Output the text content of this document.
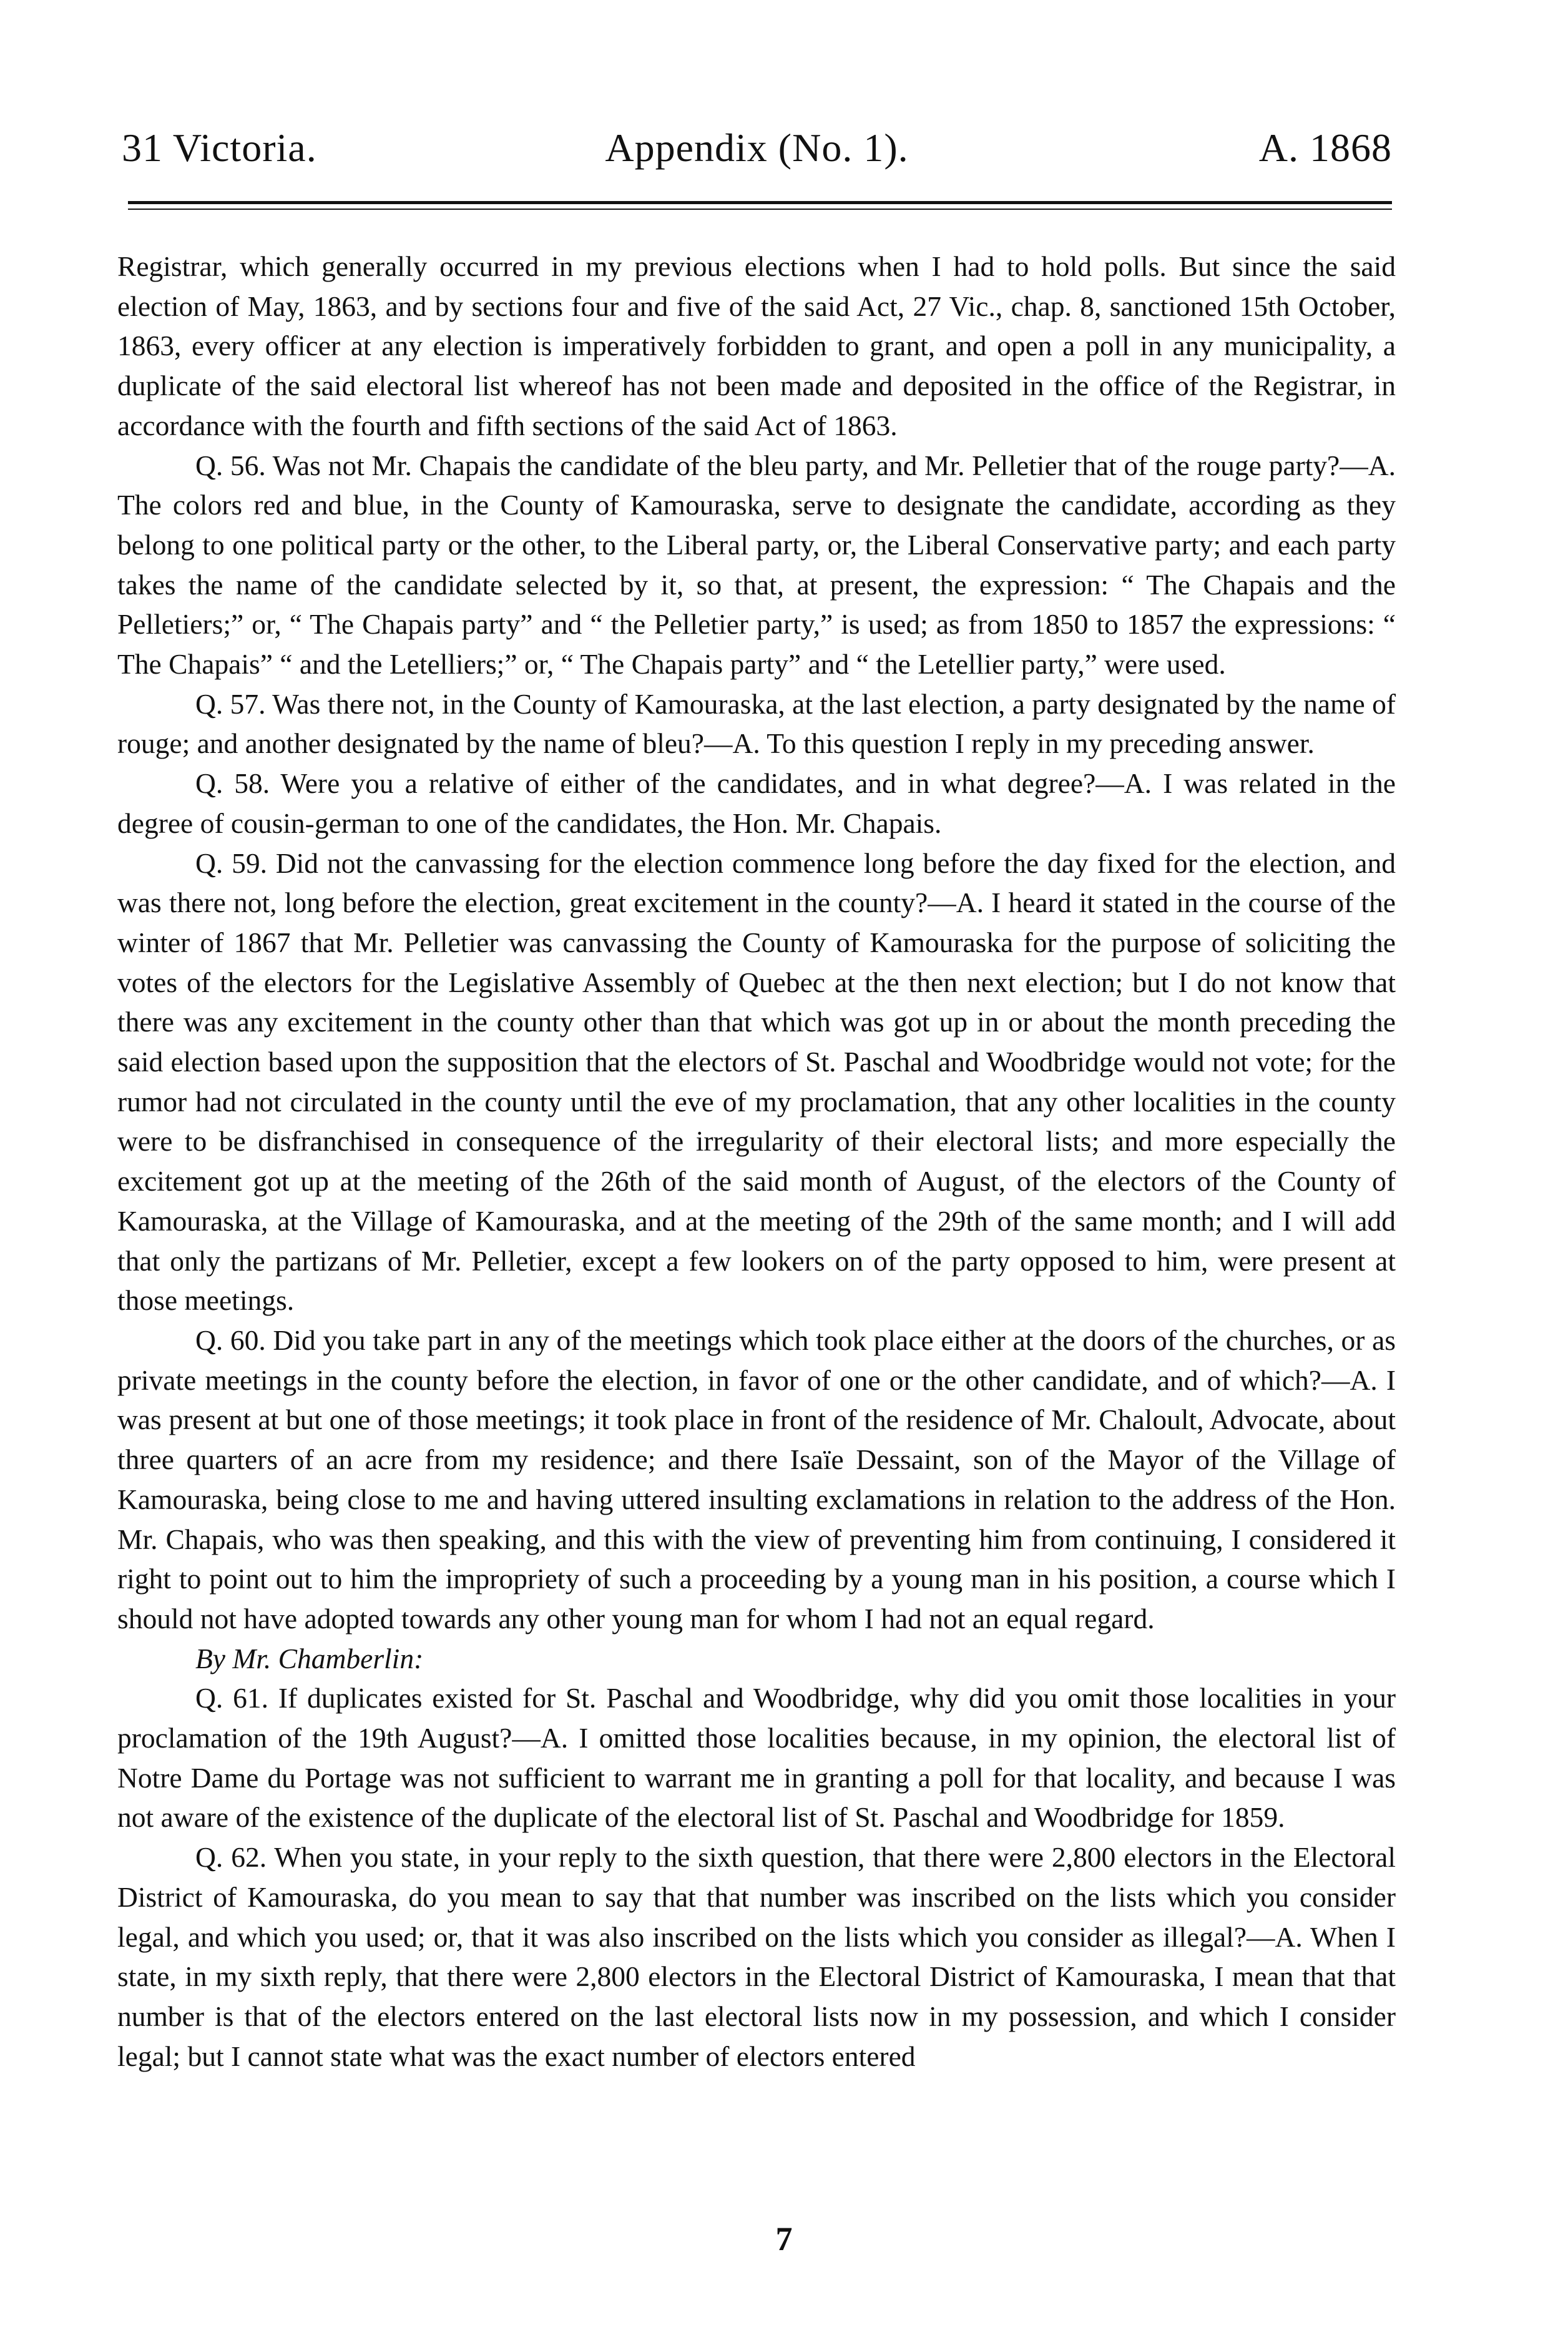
Appendix (No. 1).
31 Victoria.	A. 1868

Registrar, which generally occurred in my previous elections when I had to hold polls. But since the said election of May, 1863, and by sections four and five of the said Act, 27 Vic., chap. 8, sanctioned 15th October, 1863, every officer at any election is imperatively forbidden to grant, and open a poll in any municipality, a duplicate of the said electoral list whereof has not been made and deposited in the office of the Registrar, in accordance with the fourth and fifth sections of the said Act of 1863.

Q. 56. Was not Mr. Chapais the candidate of the bleu party, and Mr. Pelletier that of the rouge party?—A. The colors red and blue, in the County of Kamouraska, serve to designate the candidate, according as they belong to one political party or the other, to the Liberal party, or, the Liberal Conservative party; and each party takes the name of the candidate selected by it, so that, at present, the expression: “ The Chapais and the Pelletiers;” or, “ The Chapais party” and “ the Pelletier party,” is used; as from 1850 to 1857 the expressions: “ The Chapais” “ and the Letelliers;” or, “ The Chapais party” and “ the Letellier party,” were used.

Q. 57. Was there not, in the County of Kamouraska, at the last election, a party designated by the name of rouge; and another designated by the name of bleu?—A. To this question I reply in my preceding answer.

Q. 58. Were you a relative of either of the candidates, and in what degree?—A. I was related in the degree of cousin-german to one of the candidates, the Hon. Mr. Chapais.

Q. 59. Did not the canvassing for the election commence long before the day fixed for the election, and was there not, long before the election, great excitement in the county?—A. I heard it stated in the course of the winter of 1867 that Mr. Pelletier was canvassing the County of Kamouraska for the purpose of soliciting the votes of the electors for the Legislative Assembly of Quebec at the then next election; but I do not know that there was any excitement in the county other than that which was got up in or about the month preceding the said election based upon the supposition that the electors of St. Paschal and Woodbridge would not vote; for the rumor had not circulated in the county until the eve of my proclamation, that any other localities in the county were to be disfranchised in consequence of the irregularity of their electoral lists; and more especially the excitement got up at the meeting of the 26th of the said month of August, of the electors of the County of Kamouraska, at the Village of Kamouraska, and at the meeting of the 29th of the same month; and I will add that only the partizans of Mr. Pelletier, except a few lookers on of the party opposed to him, were present at those meetings.

Q. 60. Did you take part in any of the meetings which took place either at the doors of the churches, or as private meetings in the county before the election, in favor of one or the other candidate, and of which?—A. I was present at but one of those meetings; it took place in front of the residence of Mr. Chaloult, Advocate, about three quarters of an acre from my residence; and there Isaïe Dessaint, son of the Mayor of the Village of Kamouraska, being close to me and having uttered insulting exclamations in relation to the address of the Hon. Mr. Chapais, who was then speaking, and this with the view of preventing him from continuing, I considered it right to point out to him the impropriety of such a proceeding by a young man in his position, a course which I should not have adopted towards any other young man for whom I had not an equal regard.

By Mr. Chamberlin:

Q. 61. If duplicates existed for St. Paschal and Woodbridge, why did you omit those localities in your proclamation of the 19th August?—A. I omitted those localities because, in my opinion, the electoral list of Notre Dame du Portage was not sufficient to warrant me in granting a poll for that locality, and because I was not aware of the existence of the duplicate of the electoral list of St. Paschal and Woodbridge for 1859.

Q. 62. When you state, in your reply to the sixth question, that there were 2,800 electors in the Electoral District of Kamouraska, do you mean to say that that number was inscribed on the lists which you consider legal, and which you used; or, that it was also inscribed on the lists which you consider as illegal?—A. When I state, in my sixth reply, that there were 2,800 electors in the Electoral District of Kamouraska, I mean that that number is that of the electors entered on the last electoral lists now in my possession, and which I consider legal; but I cannot state what was the exact number of electors entered

7
